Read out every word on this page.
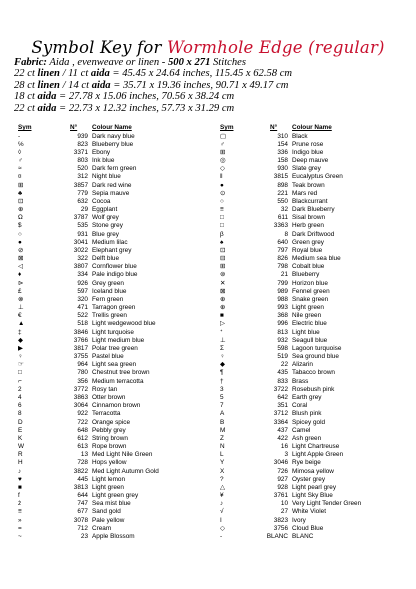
Symbol Key for Wormhole Edge (regular)
Fabric: Aida , evenweave or linen - 500 x 271 Stitches
22 ct linen / 11 ct aida = 45.45 x 24.64 inches, 115.45 x 62.58 cm
28 ct linen / 14 ct aida = 35.71 x 19.36 inches, 90.71 x 49.17 cm
18 ct aida = 27.78 x 15.06 inches, 70.56 x 38.24 cm
22 ct aida = 22.73 x 12.32 inches, 57.73 x 31.29 cm
Sym	N° Colour Name
-	939 Dark navy blue
℅	823 Blueberry blue
◊	3371 Ebony
♂	803 Ink blue
≈	520 Dark fern green
¤	312 Night blue
⊞	3857 Dark red wine
♣	779 Sepia mauve
⊡	632 Cocoa
⊕	29 Eggplant
Ω	3787 Wolf grey
$	535 Stone grey
○	931 Blue grey
●	3041 Medium lilac
⊘	3022 Elephant grey
⊠	322 Delft blue
◁	3807 Cornflower blue
♦	334 Pale indigo blue
⊳	926 Grey green
£	597 Iceland blue
⊗	320 Fern green
⊥	471 Tarragon green
€	522 Trellis green
▲	518 Light wedgewood blue
‡	3846 Light turquoise
◆	3766 Light medium blue
▶	3817 Polar tree green
♀	3755 Pastel blue
☞	964 Light sea green
□	780 Chestnut tree brown
⌐	356 Medium terracotta
2	3772 Rosy tan
4	3863 Otter brown
6	3064 Cinnamon brown
8	922 Terracotta
D	722 Orange spice
E	648 Pebbly grey
K	612 String brown
W	613 Rope brown
R	13 Med Light Nile Green
H	728 Hops yellow
♪	3822 Med Light Autumn Gold
♥	445 Light lemon
■	3813 Light green
f	644 Light green grey
ż	747 Sea mist blue
≡	677 Sand gold
»	3078 Pale yellow
=	712 Cream
~	23 Apple Blossom
Sym	N° Colour Name
▢	310 Black
♂	154 Prune rose
⊞	336 Indigo blue
◎	158 Deep mauve
◇	930 Slate grey
ǁ	3815 Eucalyptus Green
●	898 Teak brown
⊙	221 Mars red
○	550 Blackcurrant
≡	32 Dark Blueberry
□	611 Sisal brown
□	3363 Herb green
β	8 Dark Driftwood
♠	640 Green grey
⊡	797 Royal blue
⊟	826 Medium sea blue
⊞	798 Cobalt blue
⊚	21 Blueberry
✕	799 Horizon blue
⊠	989 Fennel green
⊕	988 Snake green
⊕	993 Light green
■	368 Nile green
▷	996 Electric blue
ᐩ	813 Light blue
⊥	932 Seagull blue
Σ	598 Lagoon turquoise
♀	519 Sea ground blue
◆	22 Alizarin
¶	435 Tabacco brown
†	833 Brass
3	3722 Rosebush pink
5	642 Earth grey
7	351 Coral
A	3712 Blush pink
B	3364 Spicey gold
M	437 Camel
Z	422 Ash green
N	16 Light Chartreuse
L	3 Light Apple Green
Y	3046 Rye beige
X	726 Mimosa yellow
?	927 Oyster grey
△	928 Light pearl grey
¥	3761 Light Sky Blue
♪	10 Very Light Tender Green
√	27 White Violet
I	3823 Ivory
◇	3756 Cloud Blue
-	BLANC BLANC
